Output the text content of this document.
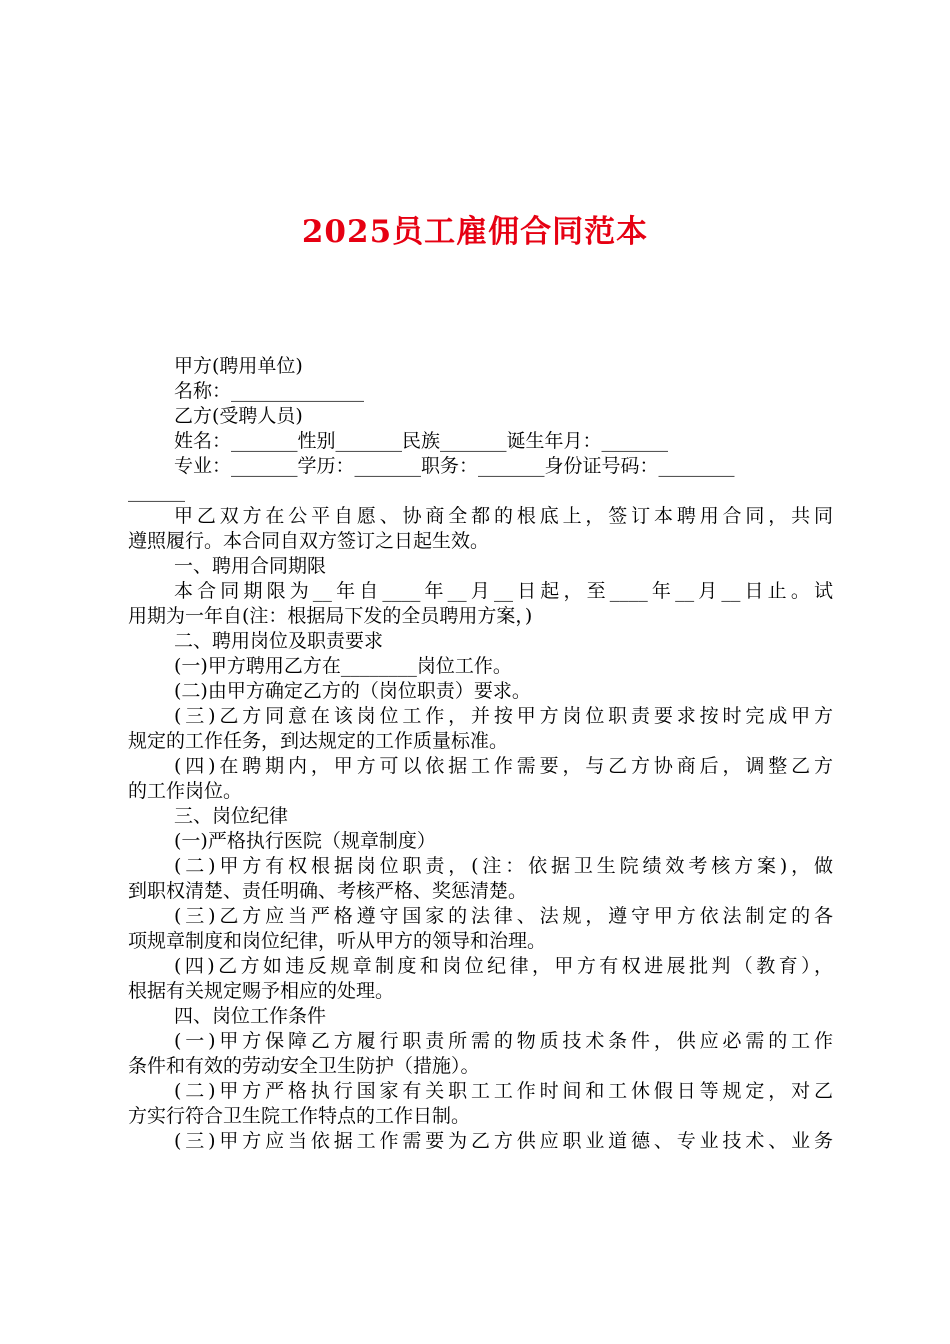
2025员工雇佣合同范本
甲方(聘用单位)
名称：______________
乙方(受聘人员)
姓名：_______性别_______民族_______诞生年月：_______
专业：_______学历：_______职务：_______身份证号码：________
______
甲乙双方在公平自愿、协商全都的根底上，签订本聘用合同，共同
遵照履行。本合同自双方签订之日起生效。
一、聘用合同期限
本合同期限为__年自____年__月__日起，至____年__月__日止。试
用期为一年自(注：根据局下发的全员聘用方案，)
二、聘用岗位及职责要求
(一)甲方聘用乙方在________岗位工作。
(二)由甲方确定乙方的（岗位职责）要求。
(三)乙方同意在该岗位工作，并按甲方岗位职责要求按时完成甲方
规定的工作任务，到达规定的工作质量标准。
(四)在聘期内，甲方可以依据工作需要，与乙方协商后，调整乙方
的工作岗位。
三、岗位纪律
(一)严格执行医院（规章制度）
(二)甲方有权根据岗位职责，(注：依据卫生院绩效考核方案)，做
到职权清楚、责任明确、考核严格、奖惩清楚。
(三)乙方应当严格遵守国家的法律、法规，遵守甲方依法制定的各
项规章制度和岗位纪律，听从甲方的领导和治理。
(四)乙方如违反规章制度和岗位纪律，甲方有权进展批判（教育），
根据有关规定赐予相应的处理。
四、岗位工作条件
(一)甲方保障乙方履行职责所需的物质技术条件，供应必需的工作
条件和有效的劳动安全卫生防护（措施）。
(二)甲方严格执行国家有关职工工作时间和工休假日等规定，对乙
方实行符合卫生院工作特点的工作日制。
(三)甲方应当依据工作需要为乙方供应职业道德、专业技术、业务
